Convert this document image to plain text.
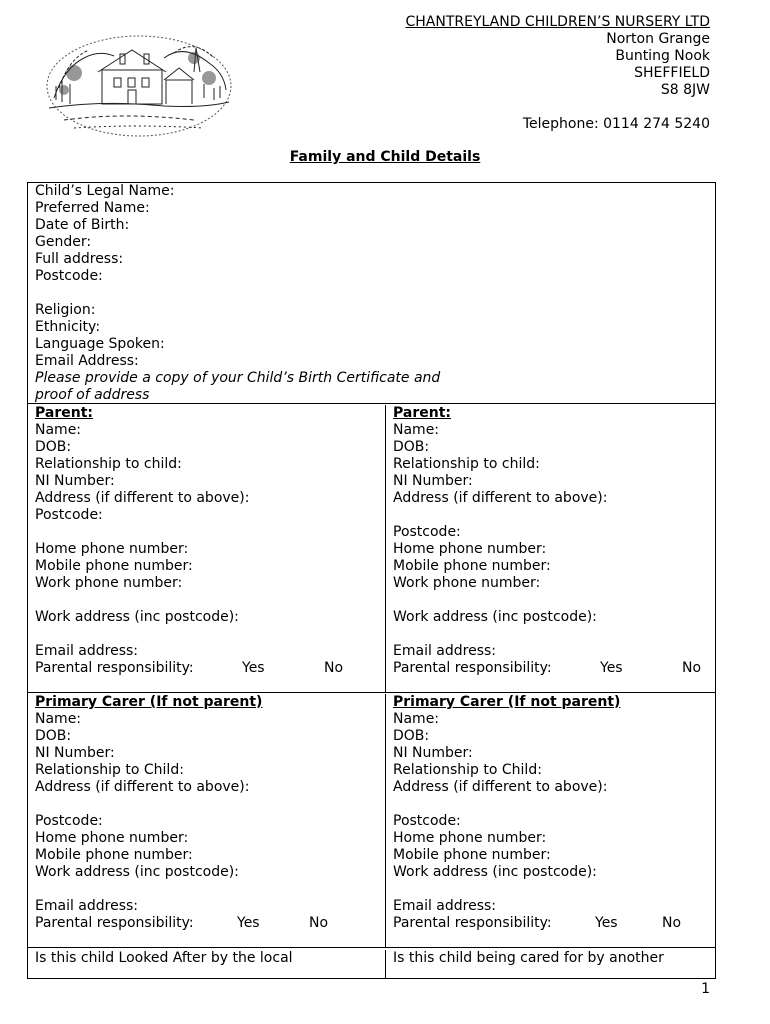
CHANTREYLAND CHILDREN’S NURSERY LTD
Norton Grange
Bunting Nook
SHEFFIELD
S8 8JW
Telephone: 0114 274 5240
Family and Child Details
Child’s Legal Name:
Preferred Name:
Date of Birth:
Gender:
Full address:
Postcode:
Religion:
Ethnicity:
Language Spoken:
Email Address:
Please provide a copy of your Child’s Birth Certificate and
proof of address
Parent:
Name:
DOB:
Relationship to child:
NI Number:
Address (if different to above):
Postcode:
Home phone number:
Mobile phone number:
Work phone number:
Work address (inc postcode):
Email address:
Parental responsibility:	Yes	No
Parent:
Name:
DOB:
Relationship to child:
NI Number:
Address (if different to above):
Postcode:
Home phone number:
Mobile phone number:
Work phone number:
Work address (inc postcode):
Email address:
Parental responsibility:	Yes	No
Primary Carer (If not parent)
Name:
DOB:
NI Number:
Relationship to Child:
Address (if different to above):
Postcode:
Home phone number:
Mobile phone number:
Work address (inc postcode):
Email address:
Parental responsibility:	Yes	No
Primary Carer (If not parent)
Name:
DOB:
NI Number:
Relationship to Child:
Address (if different to above):
Postcode:
Home phone number:
Mobile phone number:
Work address (inc postcode):
Email address:
Parental responsibility:	Yes	No
Is this child Looked After by the local	Is this child being cared for by another
1
